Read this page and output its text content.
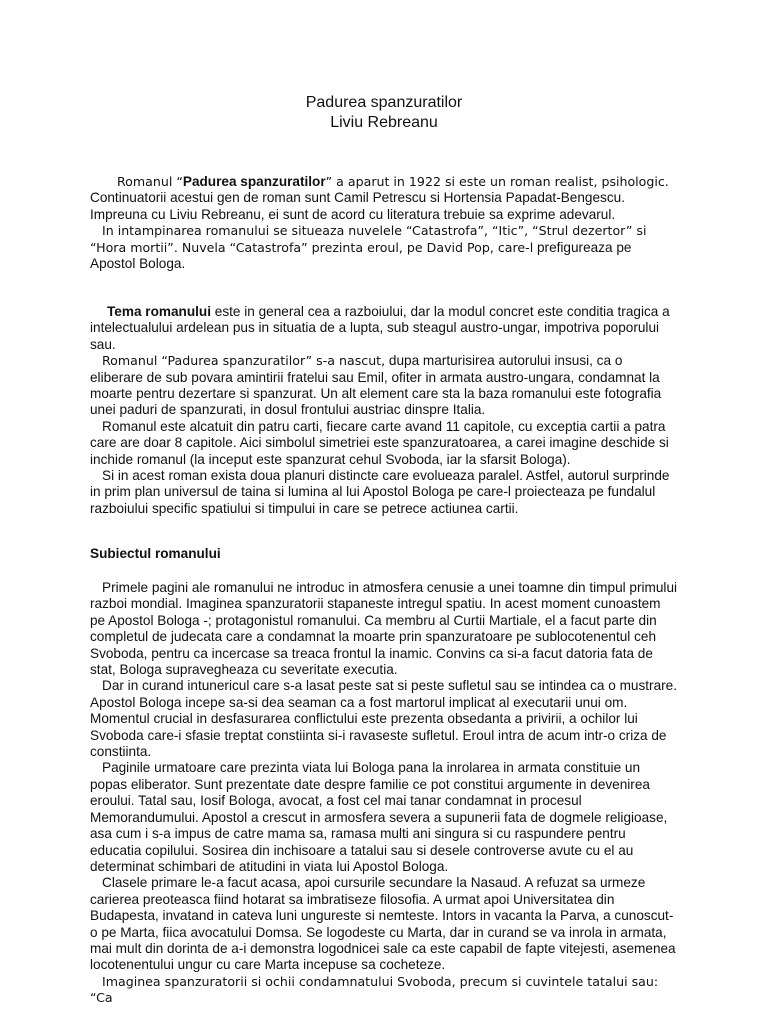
Padurea spanzuratilor
Liviu Rebreanu

Romanul “Padurea spanzuratilor” a aparut in 1922 si este un roman realist, psihologic. Continuatorii acestui gen de roman sunt Camil Petrescu si Hortensia Papadat-Bengescu. Impreuna cu Liviu Rebreanu, ei sunt de acord cu literatura trebuie sa exprime adevarul.

In intampinarea romanului se situeaza nuvelele “Catastrofa”, “Itic”, “Strul dezertor” si “Hora mortii”. Nuvela “Catastrofa” prezinta eroul, pe David Pop, care-l prefigureaza pe Apostol Bologa.

Tema romanului este in general cea a razboiului, dar la modul concret este conditia tragica a intelectualului ardelean pus in situatia de a lupta, sub steagul austro-ungar, impotriva poporului sau.

Romanul “Padurea spanzuratilor” s-a nascut, dupa marturisirea autorului insusi, ca o eliberare de sub povara amintirii fratelui sau Emil, ofiter in armata austro-ungara, condamnat la moarte pentru dezertare si spanzurat. Un alt element care sta la baza romanului este fotografia unei paduri de spanzurati, in dosul frontului austriac dinspre Italia.

Romanul este alcatuit din patru carti, fiecare carte avand 11 capitole, cu exceptia cartii a patra care are doar 8 capitole. Aici simbolul simetriei este spanzuratoarea, a carei imagine deschide si inchide romanul (la inceput este spanzurat cehul Svoboda, iar la sfarsit Bologa).

Si in acest roman exista doua planuri distincte care evolueaza paralel. Astfel, autorul surprinde in prim plan universul de taina si lumina al lui Apostol Bologa pe care-l proiecteaza pe fundalul razboiului specific spatiului si timpului in care se petrece actiunea cartii.

Subiectul romanului

Primele pagini ale romanului ne introduc in atmosfera cenusie a unei toamne din timpul primului razboi mondial. Imaginea spanzuratorii stapaneste intregul spatiu. In acest moment cunoastem pe Apostol Bologa -; protagonistul romanului. Ca membru al Curtii Martiale, el a facut parte din completul de judecata care a condamnat la moarte prin spanzuratoare pe sublocotenentul ceh Svoboda, pentru ca incercase sa treaca frontul la inamic. Convins ca si-a facut datoria fata de stat, Bologa supravegheaza cu severitate executia.

Dar in curand intunericul care s-a lasat peste sat si peste sufletul sau se intindea ca o mustrare. Apostol Bologa incepe sa-si dea seaman ca a fost martorul implicat al executarii unui om. Momentul crucial in desfasurarea conflictului este prezenta obsedanta a privirii, a ochilor lui Svoboda care-i sfasie treptat constiinta si-i ravaseste sufletul. Eroul intra de acum intr-o criza de constiinta.

Paginile urmatoare care prezinta viata lui Bologa pana la inrolarea in armata constituie un popas eliberator. Sunt prezentate date despre familie ce pot constitui argumente in devenirea eroului. Tatal sau, Iosif Bologa, avocat, a fost cel mai tanar condamnat in procesul Memorandumului. Apostol a crescut in armosfera severa a supunerii fata de dogmele religioase, asa cum i s-a impus de catre mama sa, ramasa multi ani singura si cu raspundere pentru educatia copilului. Sosirea din inchisoare a tatalui sau si desele controverse avute cu el au determinat schimbari de atitudini in viata lui Apostol Bologa.

Clasele primare le-a facut acasa, apoi cursurile secundare la Nasaud. A refuzat sa urmeze carierea preoteasca fiind hotarat sa imbratiseze filosofia. A urmat apoi Universitatea din Budapesta, invatand in cateva luni ungureste si nemteste. Intors in vacanta la Parva, a cunoscut-o pe Marta, fiica avocatului Domsa. Se logodeste cu Marta, dar in curand se va inrola in armata, mai mult din dorinta de a-i demonstra logodnicei sale ca este capabil de fapte vitejesti, asemenea locotenentului ungur cu care Marta incepuse sa cocheteze.

Imaginea spanzuratorii si ochii condamnatului Svoboda, precum si cuvintele tatalui sau: “Ca
